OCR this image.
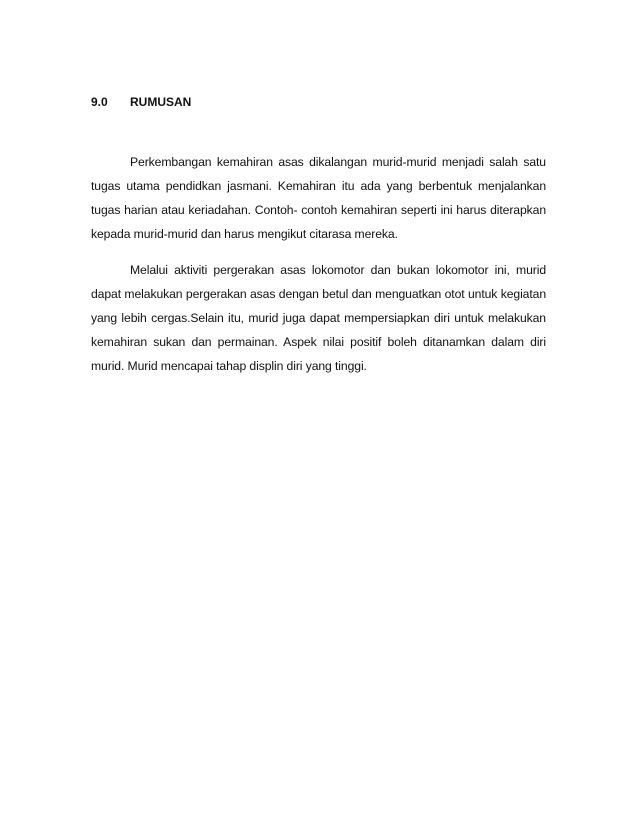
9.0	RUMUSAN

Perkembangan kemahiran asas dikalangan murid-murid menjadi salah satu tugas utama pendidkan jasmani. Kemahiran itu ada yang berbentuk menjalankan tugas harian atau keriadahan. Contoh- contoh kemahiran seperti ini harus diterapkan kepada murid-murid dan harus mengikut citarasa mereka.

Melalui aktiviti pergerakan asas lokomotor dan bukan lokomotor ini, murid dapat melakukan pergerakan asas dengan betul dan menguatkan otot untuk kegiatan yang lebih cergas.Selain itu, murid juga dapat mempersiapkan diri untuk melakukan kemahiran sukan dan permainan. Aspek nilai positif boleh ditanamkan dalam diri murid. Murid mencapai tahap displin diri yang tinggi.
